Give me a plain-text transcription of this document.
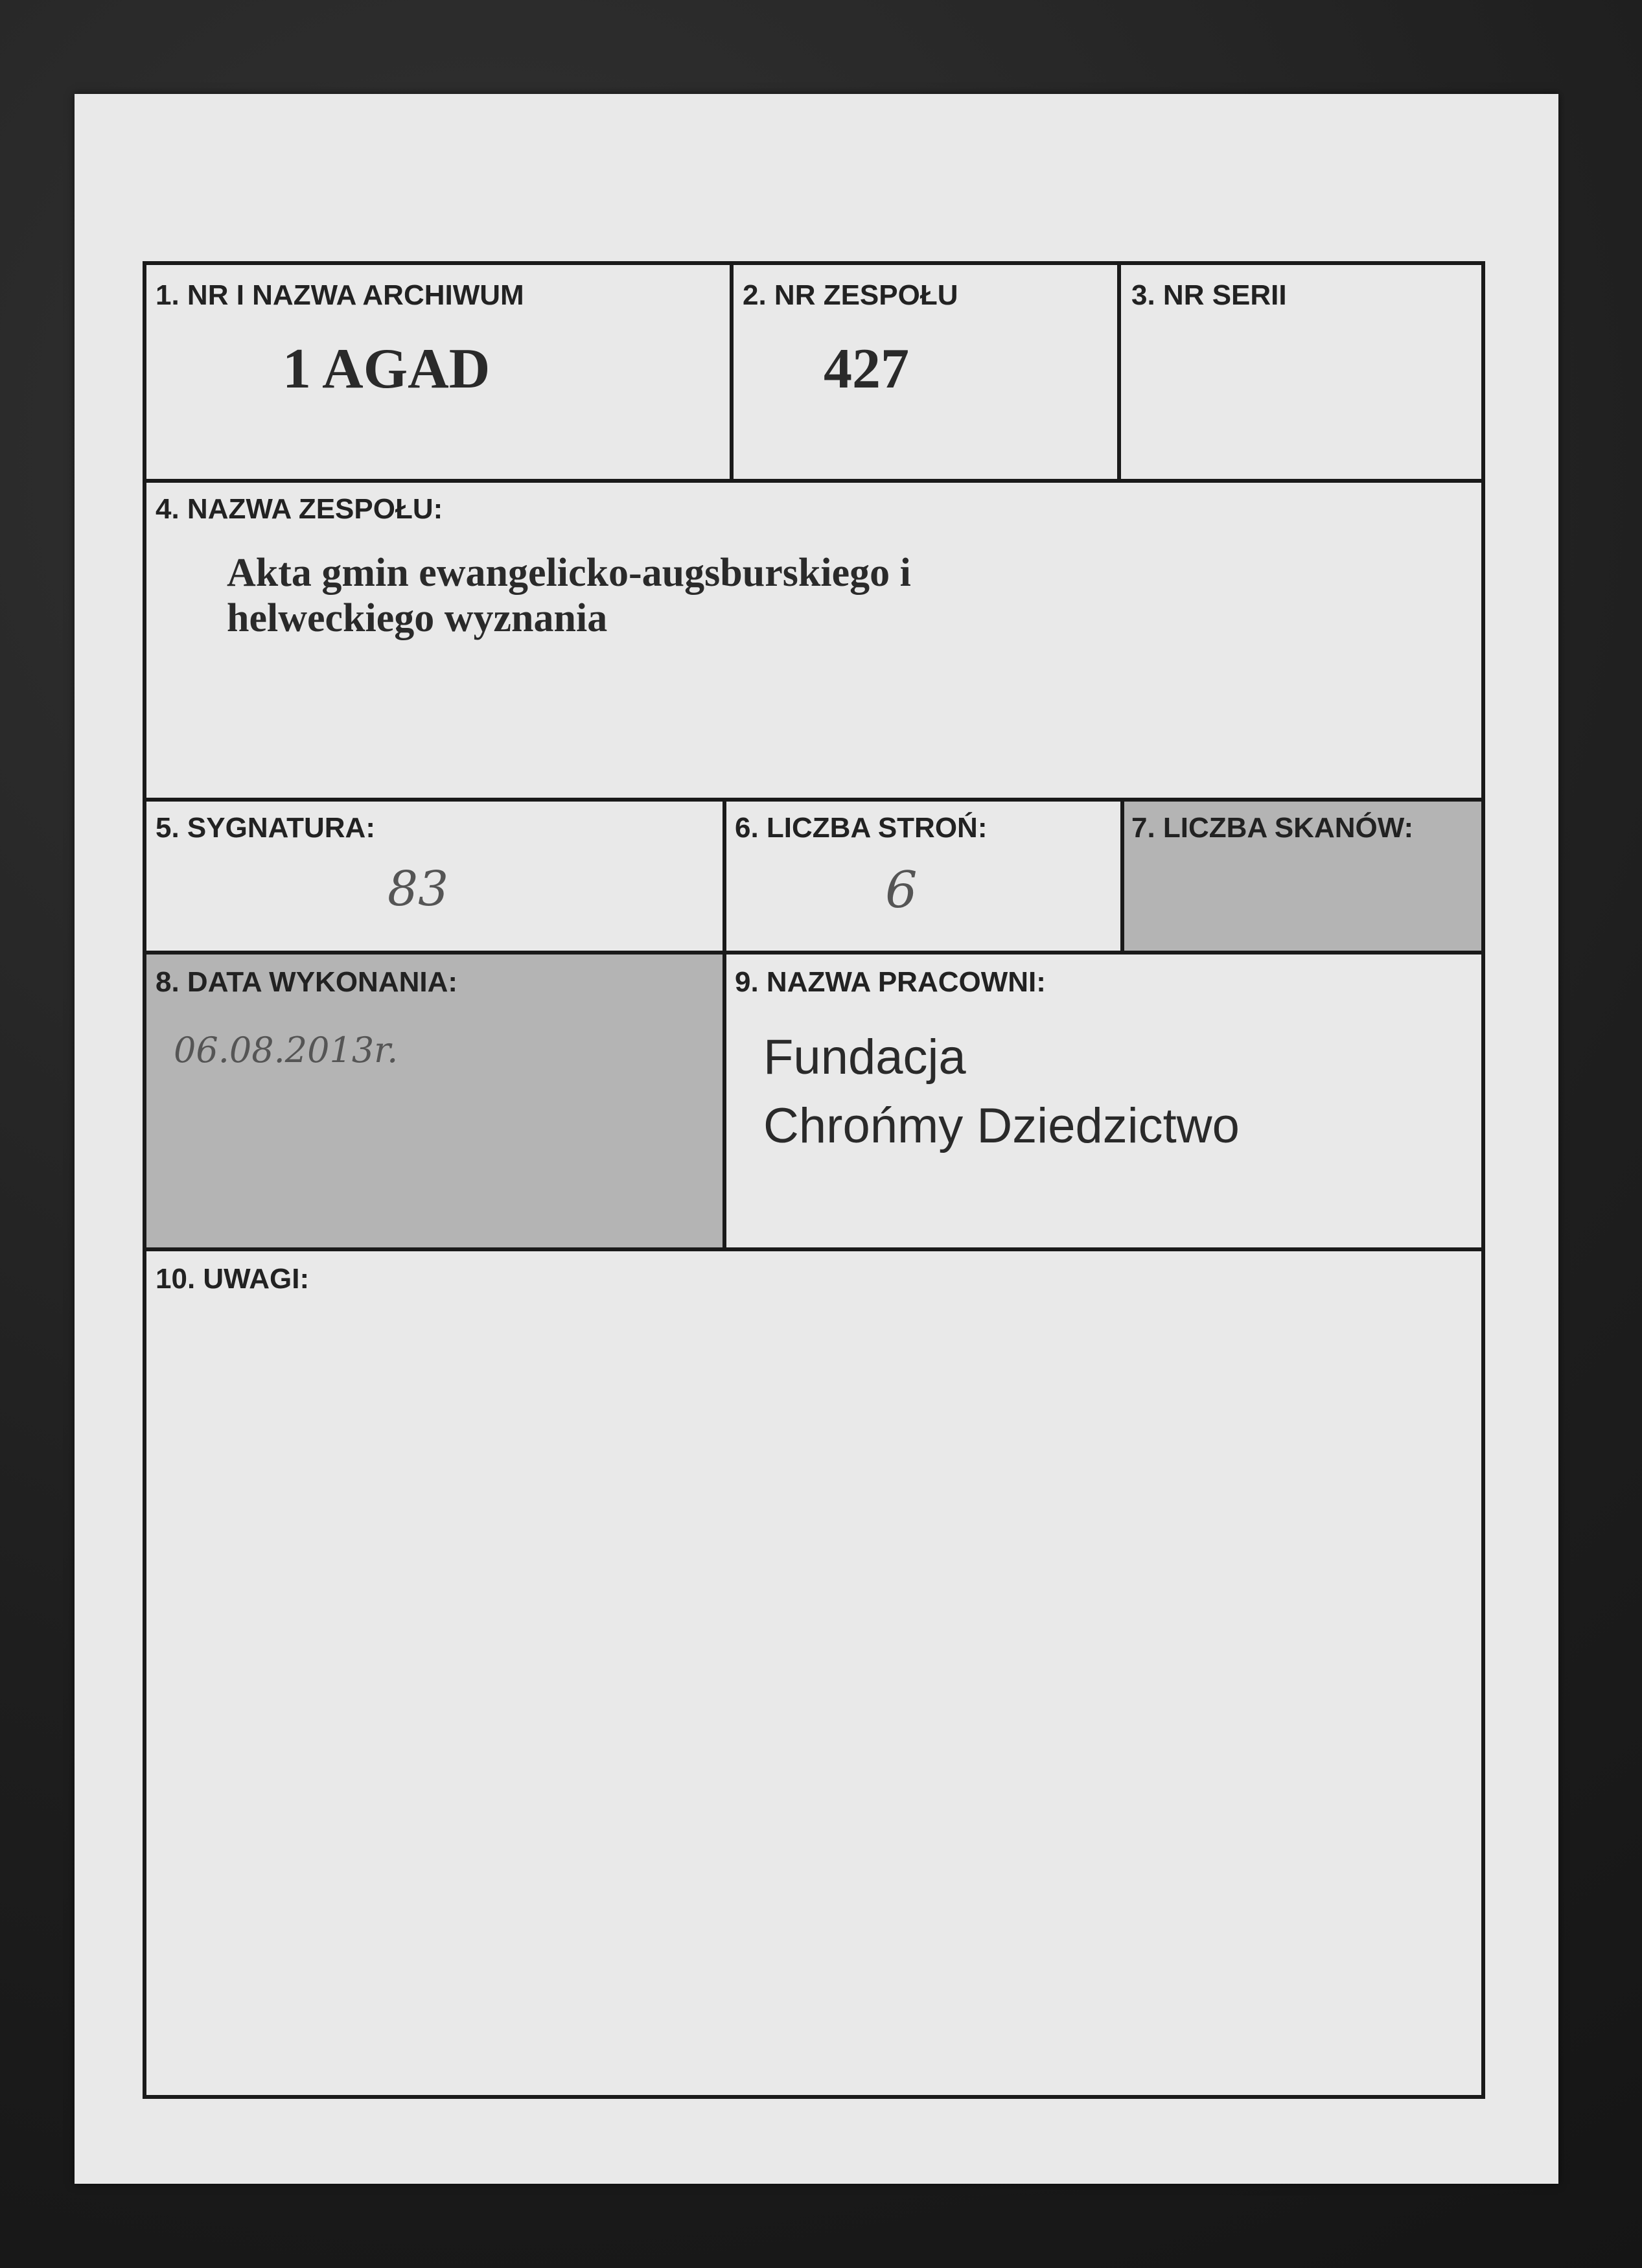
1. NR I NAZWA ARCHIWUM
1 AGAD
2. NR ZESPOŁU
427
3. NR SERII
4. NAZWA ZESPOŁU:
Akta gmin ewangelicko-augsburskiego i
helweckiego wyznania
5. SYGNATURA:
83
6. LICZBA STROŃ:
6
7. LICZBA SKANÓW:
8. DATA WYKONANIA:
06.08.2013r.
9. NAZWA PRACOWNI:
Fundacja
Chrońmy Dziedzictwo
10. UWAGI:
